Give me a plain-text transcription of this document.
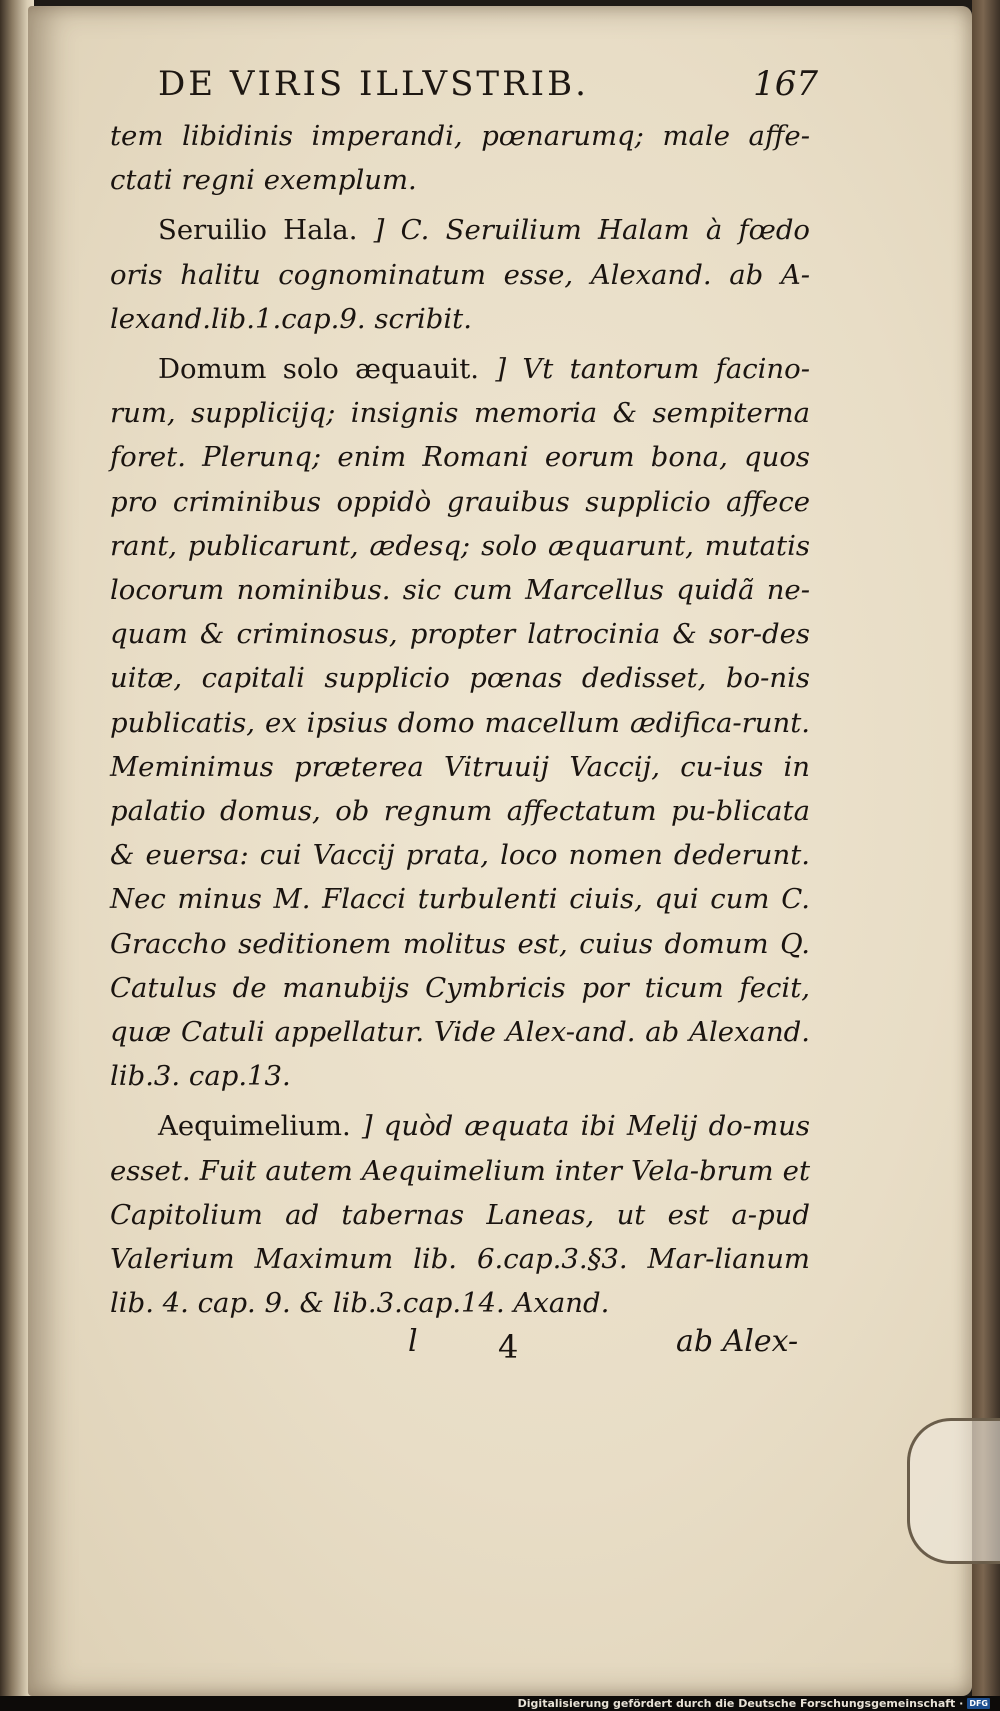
DE VIRIS ILLVSTRIB.	167

tem libidinis imperandi, pœnarumq; male affe-ctati regni exemplum.

Seruilio Hala. ] C. Seruilium Halam à fœdo oris halitu cognominatum esse, Alexand. ab A-lexand.lib.1.cap.9. scribit.

Domum solo æquauit. ] Vt tantorum facino-rum, supplicijq; insignis memoria & sempiterna foret. Plerunq; enim Romani eorum bona, quos pro criminibus oppidò grauibus supplicio affece rant, publicarunt, ædesq; solo æquarunt, mutatis locorum nominibus. sic cum Marcellus quidã ne-quam & criminosus, propter latrocinia & sor-des uitæ, capitali supplicio pœnas dedisset, bo-nis publicatis, ex ipsius domo macellum ædifica-runt. Meminimus præterea Vitruuij Vaccij, cu-ius in palatio domus, ob regnum affectatum pu-blicata & euersa: cui Vaccij prata, loco nomen dederunt. Nec minus M. Flacci turbulenti ciuis, qui cum C. Graccho seditionem molitus est, cuius domum Q. Catulus de manubijs Cymbricis por ticum fecit, quæ Catuli appellatur. Vide Alex-and. ab Alexand. lib.3. cap.13.

Aequimelium. ] quòd æquata ibi Melij do-mus esset. Fuit autem Aequimelium inter Vela-brum et Capitolium ad tabernas Laneas, ut est a-pud Valerium Maximum lib. 6.cap.3.§3. Mar-lianum lib. 4. cap. 9. & lib.3.cap.14. Axand.

l	4	ab Alex-
Digitalisierung gefördert durch die Deutsche Forschungsgemeinschaft · DFG
